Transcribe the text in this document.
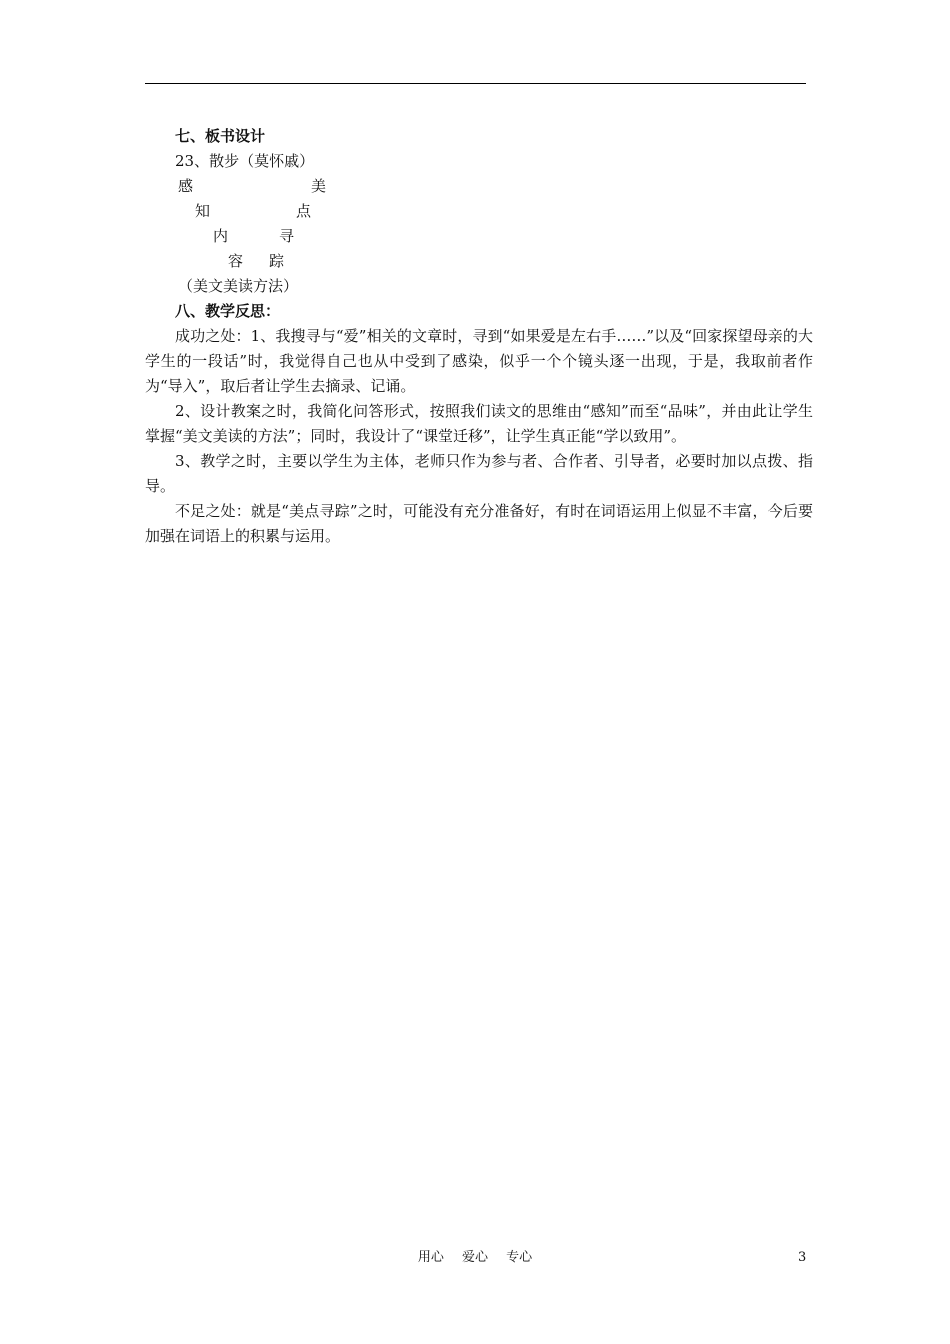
七、板书设计
23、散步（莫怀戚）
感
知
内
容
美
点
寻
踪
（美文美读方法）
八、教学反思：

成功之处：1、我搜寻与“爱”相关的文章时，寻到“如果爱是左右手……”以及“回家探望母亲的大学生的一段话”时，我觉得自己也从中受到了感染，似乎一个个镜头逐一出现，于是，我取前者作为“导入”，取后者让学生去摘录、记诵。

2、设计教案之时，我简化问答形式，按照我们读文的思维由“感知”而至“品味”，并由此让学生掌握“美文美读的方法”；同时，我设计了“课堂迁移”，让学生真正能“学以致用”。

3、教学之时，主要以学生为主体，老师只作为参与者、合作者、引导者，必要时加以点拨、指导。

不足之处：就是“美点寻踪”之时，可能没有充分准备好，有时在词语运用上似显不丰富，今后要加强在词语上的积累与运用。

用心 爱心 专心	3
